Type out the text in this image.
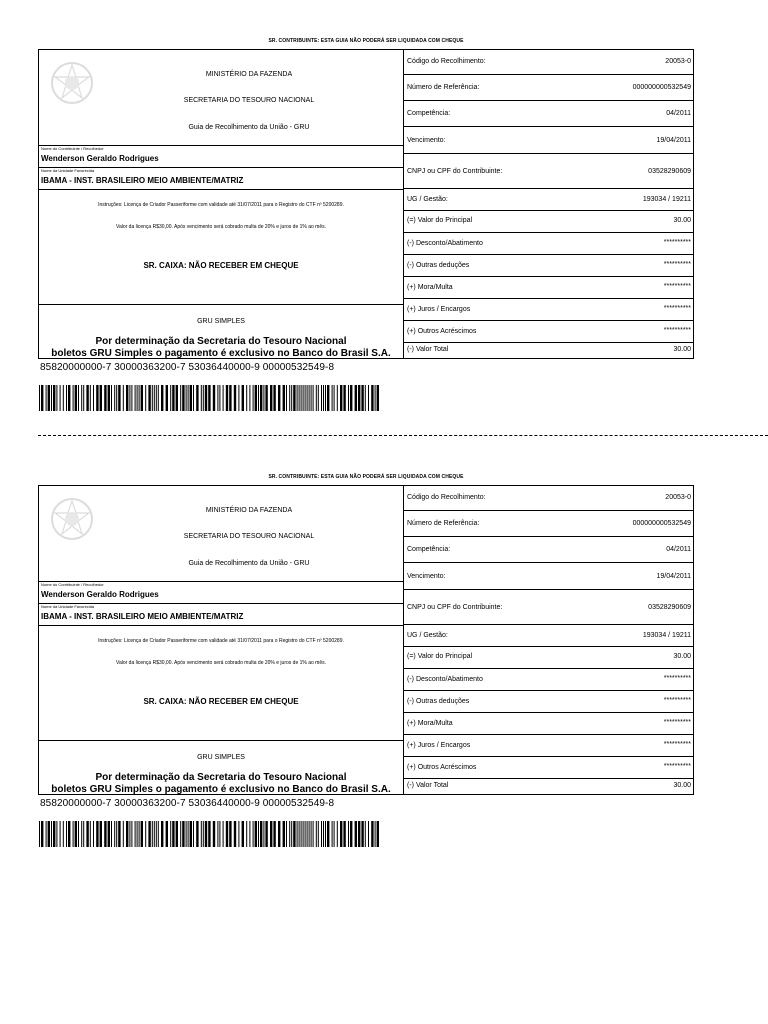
SR. CONTRIBUINTE: ESTA GUIA NÃO PODERÁ SER LIQUIDADA COM CHEQUE
MINISTÉRIO DA FAZENDA
SECRETARIA DO TESOURO NACIONAL
Guia de Recolhimento da União - GRU
Nome do Contribuinte / Recolhedor
Wenderson Geraldo Rodrigues
Nome da Unidade Favorecida
IBAMA - INST. BRASILEIRO MEIO AMBIENTE/MATRIZ
Instruções: Licença de Criador Passeriforme com validade até 31/07/2011 para o Registro do CTF nº 5200289.
Valor da licença R$30,00. Após vencimento será cobrado multa de 20% e juros de 1% ao mês.
SR. CAIXA: NÃO RECEBER EM CHEQUE
GRU SIMPLES
Por determinação da Secretaria do Tesouro Nacional
boletos GRU Simples o pagamento é exclusivo no Banco do Brasil S.A.
Código do Recolhimento:	20053-0
Número de Referência:	000000000532549
Competência:	04/2011
Vencimento:	19/04/2011
CNPJ ou CPF do Contribuinte:	03528290609
UG / Gestão:	193034 / 19211
(=) Valor do Principal	30.00
(-) Desconto/Abatimento	**********
(-) Outras deduções	**********
(+) Mora/Multa	**********
(+) Juros / Encargos	**********
(+) Outros Acréscimos	**********
(-) Valor Total	30.00
85820000000-7 30000363200-7 53036440000-9 00000532549-8
SR. CONTRIBUINTE: ESTA GUIA NÃO PODERÁ SER LIQUIDADA COM CHEQUE
MINISTÉRIO DA FAZENDA
SECRETARIA DO TESOURO NACIONAL
Guia de Recolhimento da União - GRU
Nome do Contribuinte / Recolhedor
Wenderson Geraldo Rodrigues
Nome da Unidade Favorecida
IBAMA - INST. BRASILEIRO MEIO AMBIENTE/MATRIZ
Instruções: Licença de Criador Passeriforme com validade até 31/07/2011 para o Registro do CTF nº 5200289.
Valor da licença R$30,00. Após vencimento será cobrado multa de 20% e juros de 1% ao mês.
SR. CAIXA: NÃO RECEBER EM CHEQUE
GRU SIMPLES
Por determinação da Secretaria do Tesouro Nacional
boletos GRU Simples o pagamento é exclusivo no Banco do Brasil S.A.
Código do Recolhimento:	20053-0
Número de Referência:	000000000532549
Competência:	04/2011
Vencimento:	19/04/2011
CNPJ ou CPF do Contribuinte:	03528290609
UG / Gestão:	193034 / 19211
(=) Valor do Principal	30.00
(-) Desconto/Abatimento	**********
(-) Outras deduções	**********
(+) Mora/Multa	**********
(+) Juros / Encargos	**********
(+) Outros Acréscimos	**********
(-) Valor Total	30.00
85820000000-7 30000363200-7 53036440000-9 00000532549-8
